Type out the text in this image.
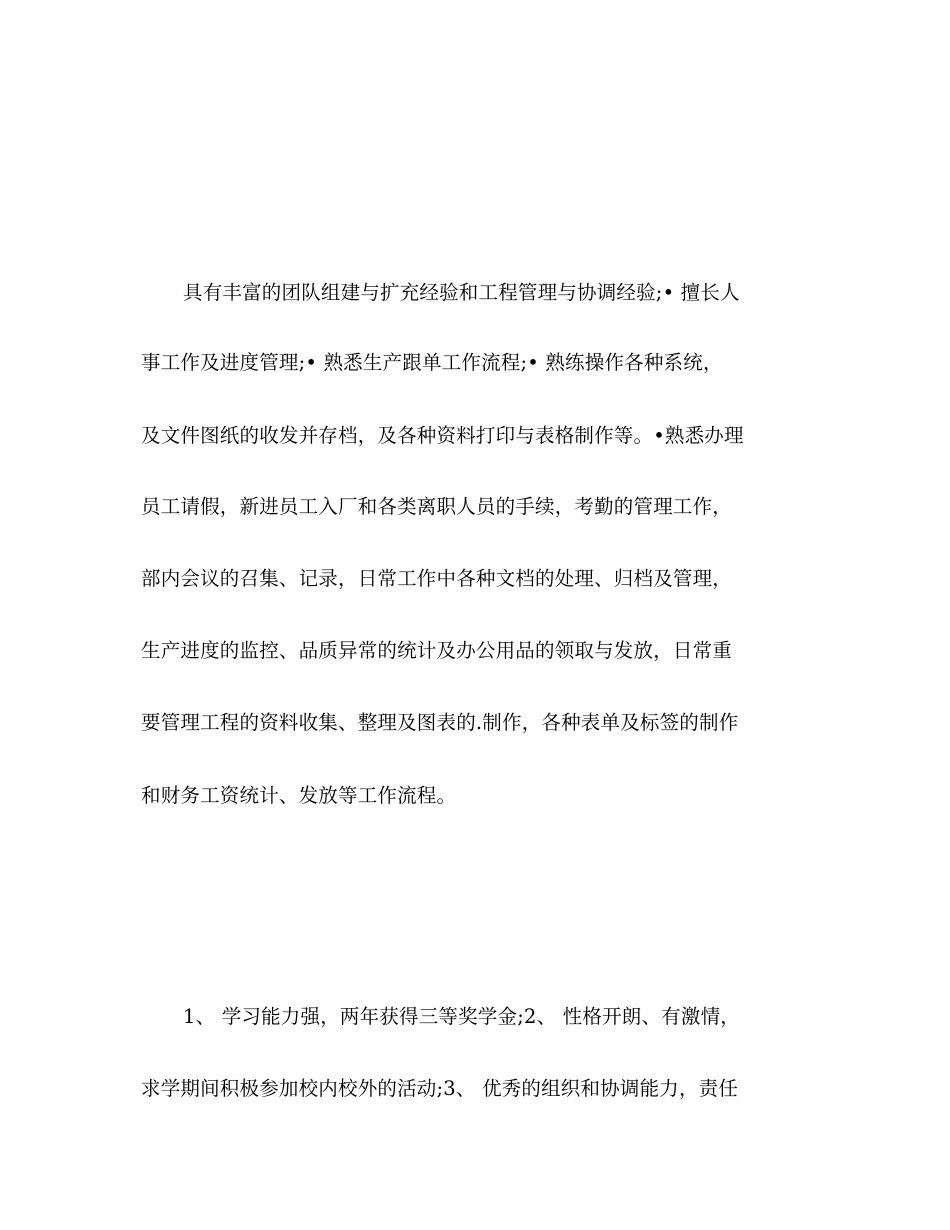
具有丰富的团队组建与扩充经验和工程管理与协调经验;• 擅长人
事工作及进度管理;• 熟悉生产跟单工作流程;• 熟练操作各种系统，
及文件图纸的收发并存档，及各种资料打印与表格制作等。•熟悉办理
员工请假，新进员工入厂和各类离职人员的手续，考勤的管理工作，
部内会议的召集、记录，日常工作中各种文档的处理、归档及管理，
生产进度的监控、品质异常的统计及办公用品的领取与发放，日常重
要管理工程的资料收集、整理及图表的.制作，各种表单及标签的制作
和财务工资统计、发放等工作流程。
1、 学习能力强，两年获得三等奖学金;2、 性格开朗、有激情，
求学期间积极参加校内校外的活动;3、 优秀的组织和协调能力，责任
